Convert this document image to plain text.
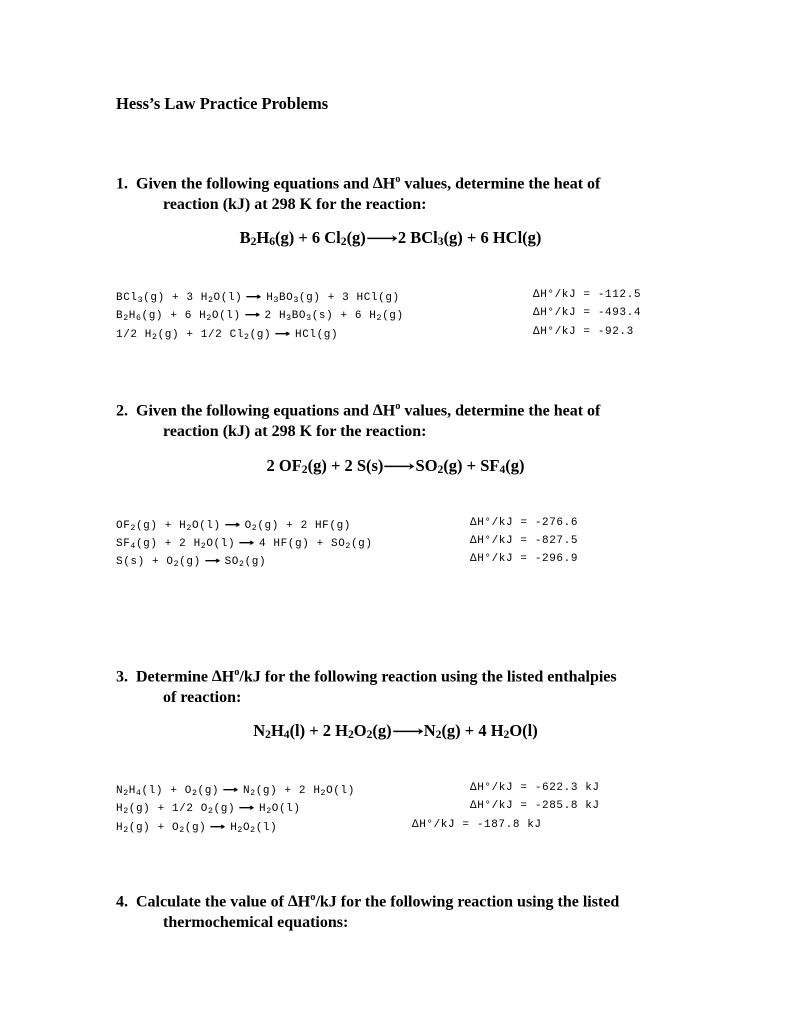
Hess’s Law Practice Problems
1. Given the following equations and $\Delta H^o$ values, determine the heat of
reaction (kJ) at 298 K for the reaction:
$B_2H_6(g) + 6$ $Cl_2(g)⟶2$ BCl$_3$(g) + 6 HCl(g)
BCl$_3$(g) + 3 $H_2O(l)$ ⟶ $H_3BO_3(g) + 3$ HCl(g)	∆H°/kJ = -112.5
$B_2H_6(g) + 6$ $H_2O(l)$ ⟶ 2 $H_3BO_3(s) + 6$ $H_2(g)$	∆H°/kJ = -493.4
1/2 $H_2(g) + 1/2$ $Cl_2(g)$ ⟶ HCl(g)	∆H°/kJ = -92.3
2. Given the following equations and $\Delta H^o$ values, determine the heat of
reaction (kJ) at 298 K for the reaction:
2 $OF_2(g) + 2$ $S(s)⟶SO_2(g) + SF_4(g)$
$OF_2(g) + H_2O(l)$ ⟶ $O_2(g) + 2$ HF(g)	∆H°/kJ = -276.6
$SF_4(g) + 2$ $H_2O(l)$ ⟶ 4 $HF(g) + SO_2(g)$	∆H°/kJ = -827.5
$S(s) + O_2(g)$ ⟶ $SO_2(g)$	∆H°/kJ = -296.9
3. Determine $\Delta H^o/kJ$ for the following reaction using the listed enthalpies
of reaction:
$N_2H_4(l) + 2$ $H_2O_2(g)⟶N_2(g) + 4$ $H_2O(l)$
$N_2H_4(l) + O_2(g)$ ⟶ $N_2(g) + 2$ $H_2O(l)$	∆H°/kJ = -622.3 kJ
$H_2(g) + 1/2$ $O_2(g)$ ⟶ $H_2O(l)$	∆H°/kJ = -285.8 kJ
$H_2(g) + O_2(g)$ ⟶ $H_2O_2(l)$	∆H°/kJ = -187.8 kJ
4. Calculate the value of $\Delta H^o/kJ$ for the following reaction using the listed
thermochemical equations:
